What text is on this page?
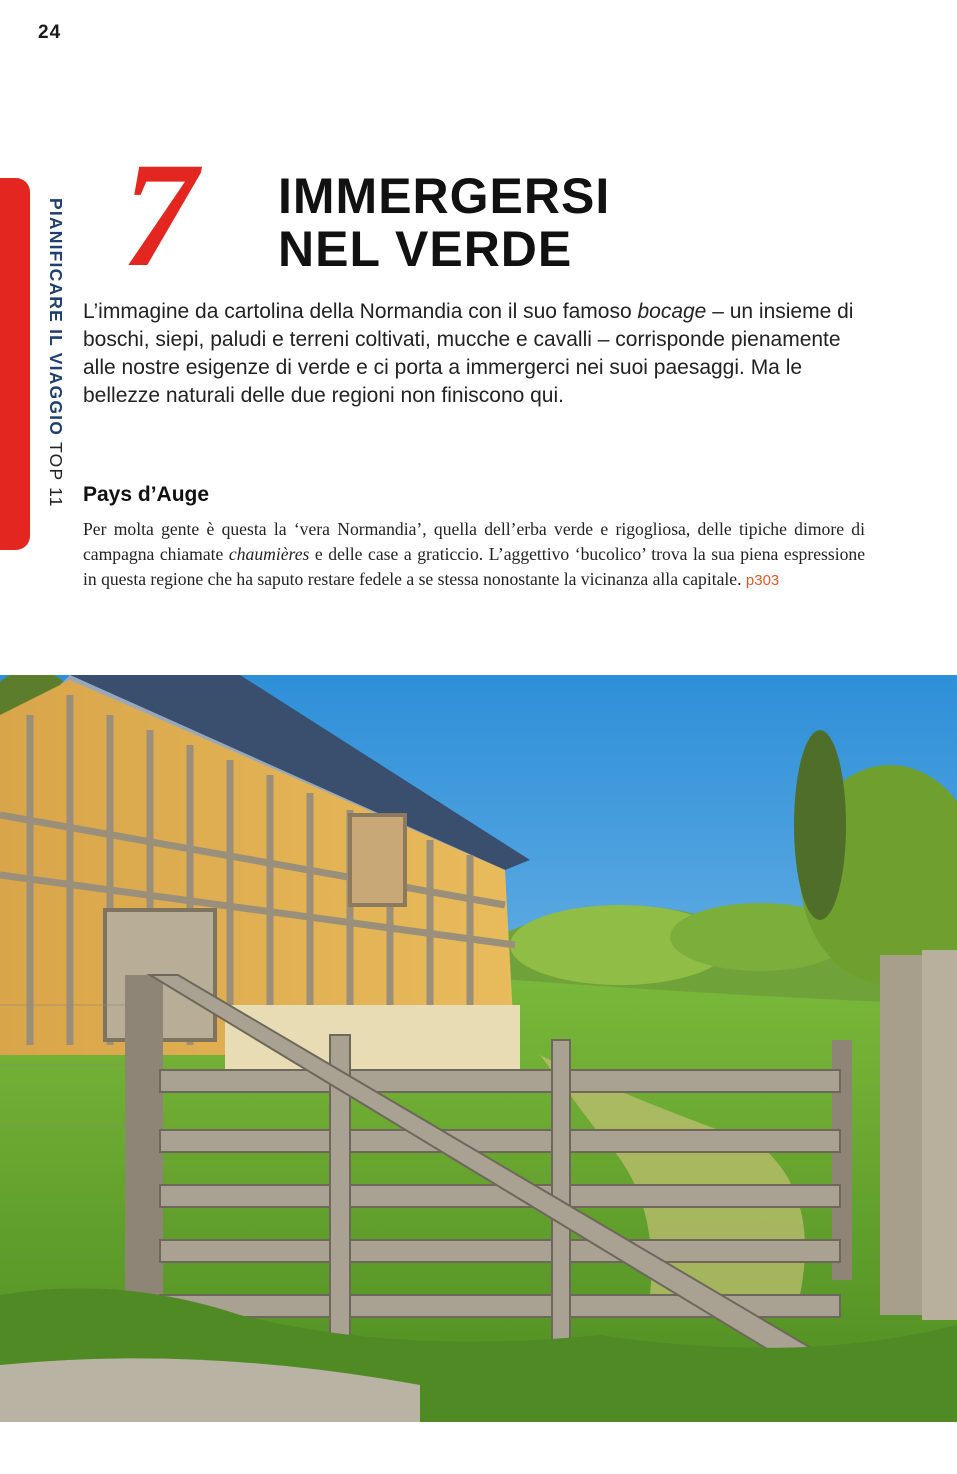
24
PIANIFICARE IL VIAGGIO TOP 11
7 IMMERGERSI
NEL VERDE
L’immagine da cartolina della Normandia con il suo famoso bocage – un insieme di boschi, siepi, paludi e terreni coltivati, mucche e cavalli – corrisponde pienamente alle nostre esigenze di verde e ci porta a immergerci nei suoi paesaggi. Ma le bellezze naturali delle due regioni non finiscono qui.
Pays d’Auge
Per molta gente è questa la ‘vera Normandia’, quella dell’erba verde e rigogliosa, delle tipiche dimore di campagna chiamate chaumières e delle case a graticcio. L’aggettivo ‘bucolico’ trova la sua piena espressione in questa regione che ha saputo restare fedele a se stessa nonostante la vicinanza alla capitale. p303
